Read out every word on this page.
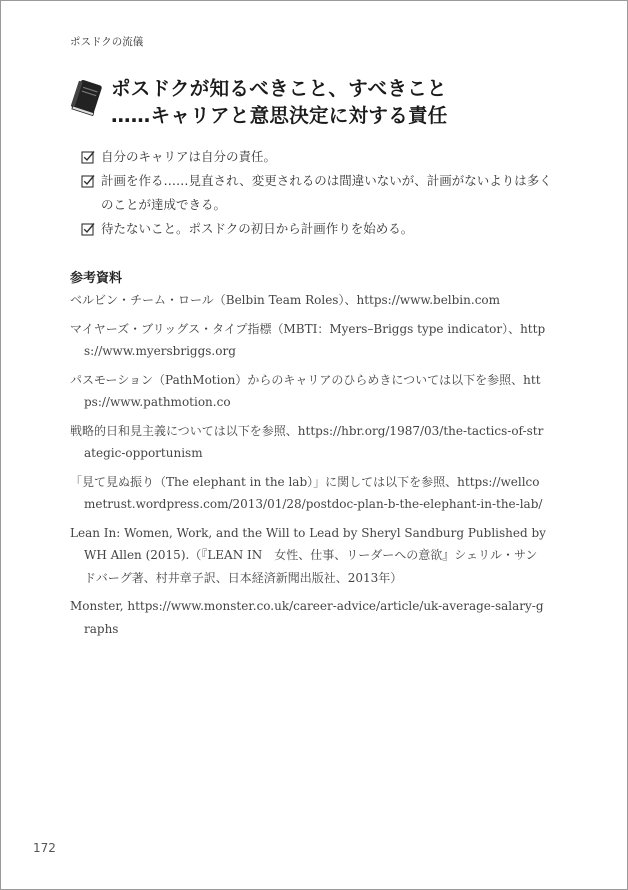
ポスドクの流儀
ポスドクが知るべきこと、すべきこと
……キャリアと意思決定に対する責任
自分のキャリアは自分の責任。
計画を作る……見直され、変更されるのは間違いないが、計画がないよりは多くのことが達成できる。
待たないこと。ポスドクの初日から計画作りを始める。
参考資料

ベルビン・チーム・ロール（Belbin Team Roles）、https://www.belbin.com

マイヤーズ・ブリッグス・タイプ指標（MBTI：Myers–Briggs type indicator）、https://www.myersbriggs.org

パスモーション（PathMotion）からのキャリアのひらめきについては以下を参照、https://www.pathmotion.co

戦略的日和見主義については以下を参照、https://hbr.org/1987/03/the-tactics-of-strategic-opportunism

「見て見ぬ振り（The elephant in the lab）」に関しては以下を参照、https://wellcometrust.wordpress.com/2013/01/28/postdoc-plan-b-the-elephant-in-the-lab/

Lean In: Women, Work, and the Will to Lead by Sheryl Sandburg Published by WH Allen (2015).（『LEAN IN　女性、仕事、リーダーへの意欲』シェリル・サンドバーグ著、村井章子訳、日本経済新聞出版社、2013年）

Monster, https://www.monster.co.uk/career-advice/article/uk-average-salary-graphs

172
